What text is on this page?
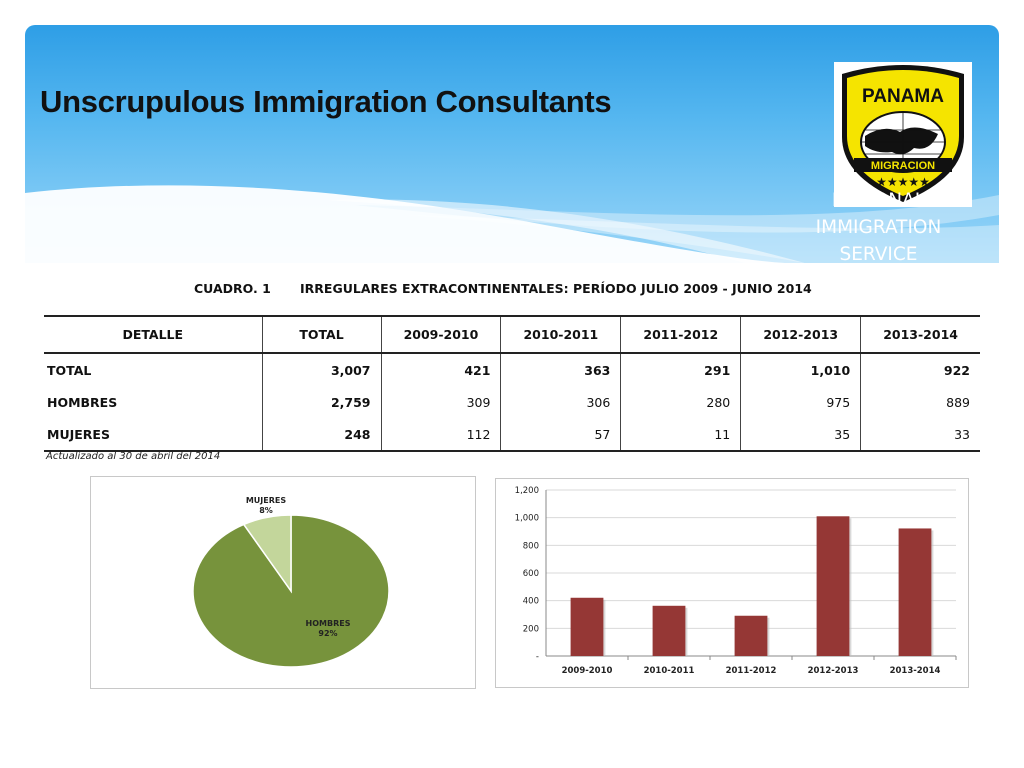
PANAMA
MIGRACION
★★★★★
NATIONAL
IMMIGRATION
SERVICE
Unscrupulous Immigration Consultants
CUADRO. 1 IRREGULARES EXTRACONTINENTALES: PERÍODO JULIO 2009 - JUNIO 2014
DETALLE	TOTAL	2009-2010	2010-2011	2011-2012	2012-2013	2013-2014
TOTAL	3,007	421	363	291	1,010	922
HOMBRES	2,759	309	306	280	975	889
MUJERES	248	112	57	11	35	33
Actualizado al 30 de abril del 2014
MUJERES
8%
HOMBRES
92%
-
200
400
600
800
1,000
1,200
2009-2010	2010-2011	2011-2012	2012-2013	2013-2014
